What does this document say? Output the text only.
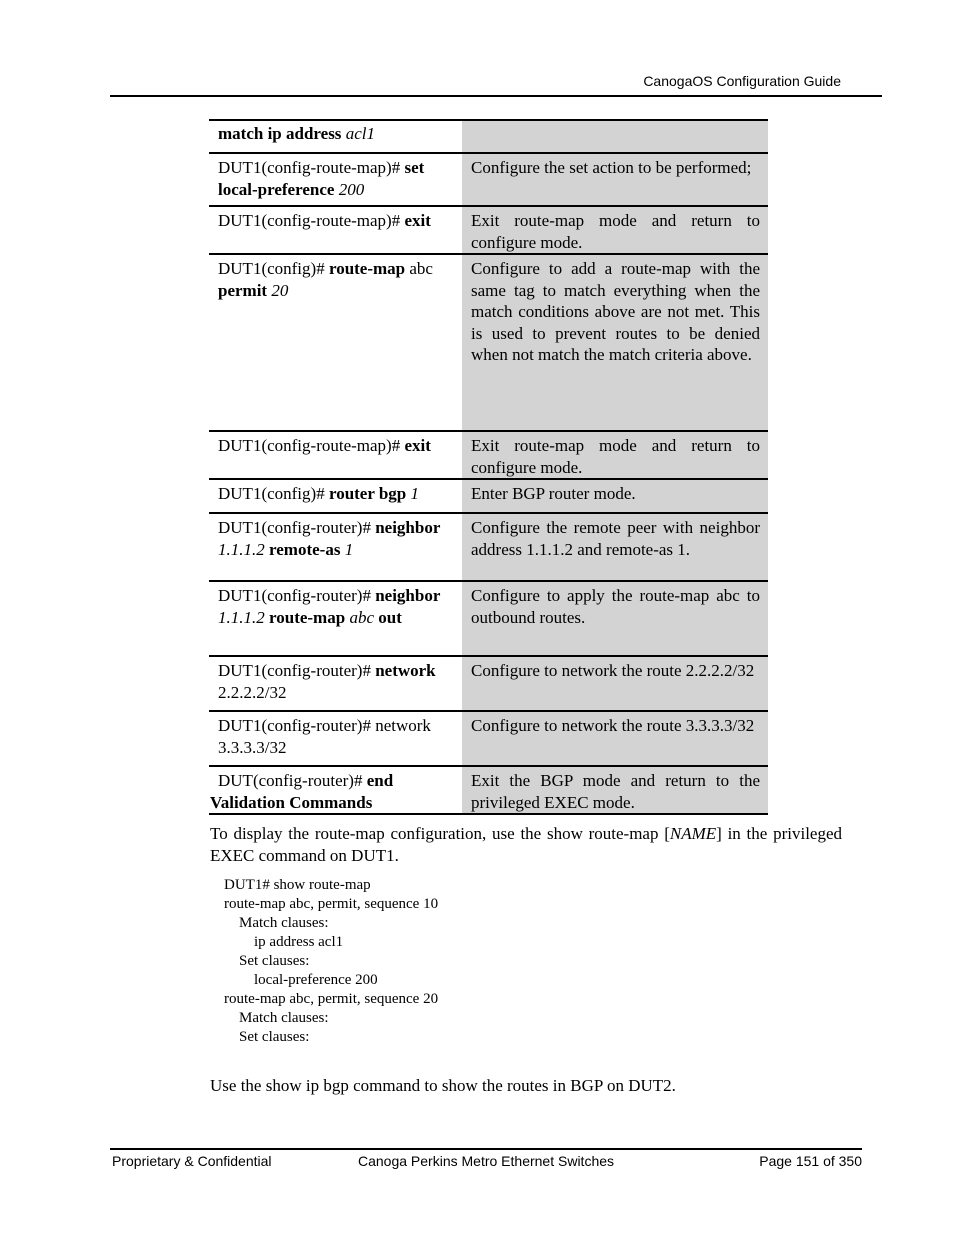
CanogaOS Configuration Guide
match ip address acl1	
DUT1(config-route-map)# set local-preference 200	Configure the set action to be performed;
DUT1(config-route-map)# exit	Exit route-map mode and return to configure mode.
DUT1(config)# route-map abc permit 20	Configure to add a route-map with the same tag to match everything when the match conditions above are not met. This is used to prevent routes to be denied when not match the match criteria above.
DUT1(config-route-map)# exit	Exit route-map mode and return to configure mode.
DUT1(config)# router bgp 1	Enter BGP router mode.
DUT1(config-router)# neighbor 1.1.1.2 remote-as 1	Configure the remote peer with neighbor address 1.1.1.2 and remote-as 1.
DUT1(config-router)# neighbor 1.1.1.2 route-map abc out	Configure to apply the route-map abc to outbound routes.
DUT1(config-router)# network 2.2.2.2/32	Configure to network the route 2.2.2.2/32
DUT1(config-router)# network 3.3.3.3/32	Configure to network the route 3.3.3.3/32
DUT(config-router)# end	Exit the BGP mode and return to the privileged EXEC mode.
Validation Commands
To display the route-map configuration, use the show route-map [NAME] in the privileged EXEC command on DUT1.
DUT1# show route-map
route-map abc, permit, sequence 10
Match clauses:
ip address acl1
Set clauses:
local-preference 200
route-map abc, permit, sequence 20
Match clauses:
Set clauses:
Use the show ip bgp command to show the routes in BGP on DUT2.
Proprietary & Confidential	Canoga Perkins Metro Ethernet Switches	Page 151 of 350
